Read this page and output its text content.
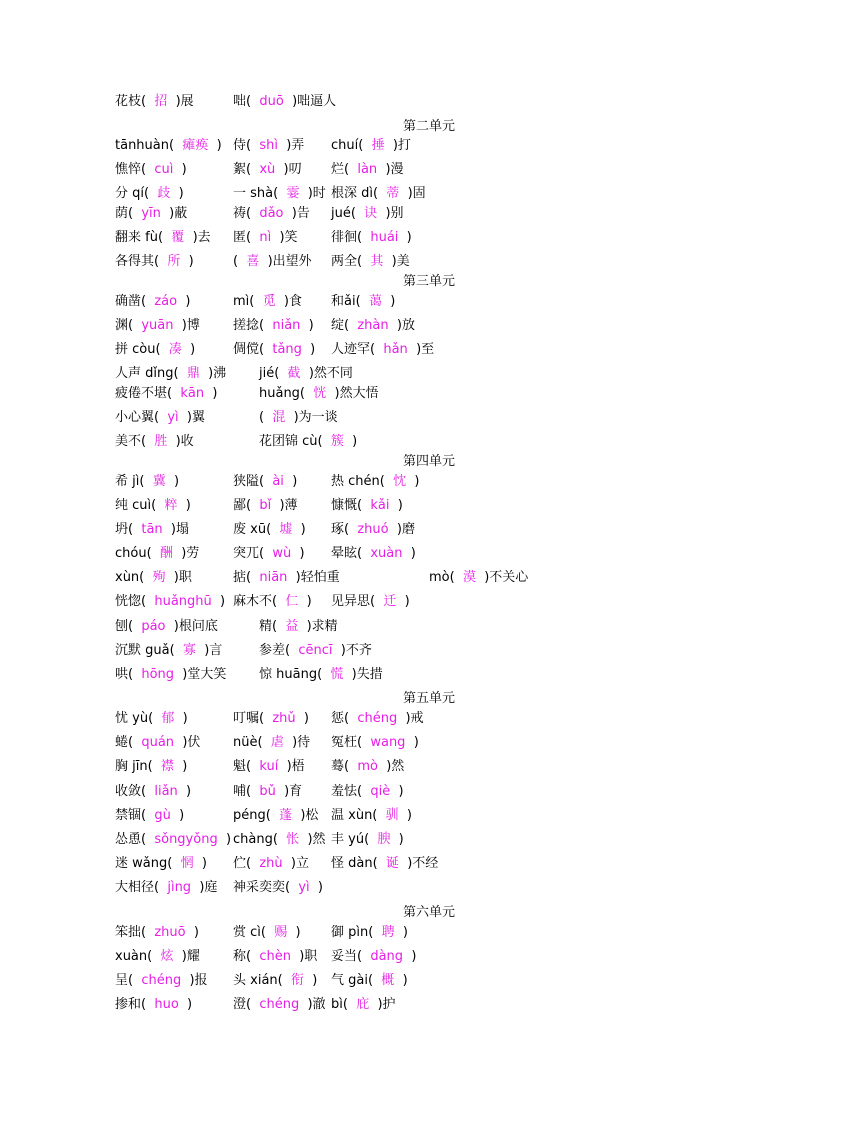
花枝(  招  )展	咄(  duō  )咄逼人
第二单元
tānhuàn(  瘫痪  ) 侍(  shì  )弄 chuí(  捶  )打
憔悴(  cuì  )	絮(  xù  )叨 烂(  làn  )漫
分 qí(  歧  )	一 shà(  霎  )时 根深 dì(  蒂  )固
荫(  yīn  )蔽	祷(  dǎo  )告 jué(  诀  )别
翻来 fù(  覆  )去 匿(  nì  )笑	徘徊(  huái  )
各得其(  所  )	(  喜  )出望外 两全(  其  )美
第三单元
确凿(  záo  )	mì(  觅  )食 和ǎi(  蔼  )
渊(  yuān  )博	搓捻(  niǎn  ) 绽(  zhàn  )放
拼 còu(  凑  )	倜傥(  tǎng  ) 人迹罕(  hǎn  )至
人声 dǐng(  鼎  )沸	jié(  截  )然不同
疲倦不堪(  kān  )	huǎng(  恍  )然大悟
小心翼(  yì  )翼	(  混  )为一谈
美不(  胜  )收	花团锦 cù(  簇  )
第四单元
希 jì(  冀  )	狭隘(  ài  )	热 chén(  忱  )
纯 cuì(  粹  )	鄙(  bǐ  )薄	慷慨(  kǎi  )
坍(  tān  )塌	废 xū(  墟  ) 琢(  zhuó  )磨
chóu(  酬  )劳	突兀(  wù  ) 晕眩(  xuàn  )
xùn(  殉  )职	掂(  niān  )轻怕重	mò(  漠  )不关心
恍惚(  huǎnghū  ) 麻木不(  仁  ) 见异思(  迁  )
刨(  páo  )根问底	精(  益  )求精
沉默 guǎ(  寡  )言	参差(  cēncī  )不齐
哄(  hōng  )堂大笑	惊 huāng(  慌  )失措
第五单元
忧 yù(  郁  )	叮嘱(  zhǔ  ) 惩(  chéng  )戒
蜷(  quán  )伏	nüè(  虐  )待 冤枉(  wang  )
胸 jīn(  襟  )	魁(  kuí  )梧 蓦(  mò  )然
收敛(  liǎn  )	哺(  bǔ  )育 羞怯(  qiè  )
禁锢(  gù  )	péng(  蓬  )松 温 xùn(  驯  )
怂恿(  sǒngyǒng  ) chàng(  怅  )然 丰 yú(  腴  )
迷 wǎng(  惘  ) 伫(  zhù  )立 怪 dàn(  诞  )不经
大相径(  jìng  )庭 神采奕奕(  yì  )
第六单元
笨拙(  zhuō  )	赏 cì(  赐  ) 御 pìn(  聘  )
xuàn(  炫  )耀	称(  chèn  )职 妥当(  dàng  )
呈(  chéng  )报 头 xián(  衔  ) 气 gài(  概  )
掺和(  huo  )	澄(  chéng  )澈 bì(  庇  )护
